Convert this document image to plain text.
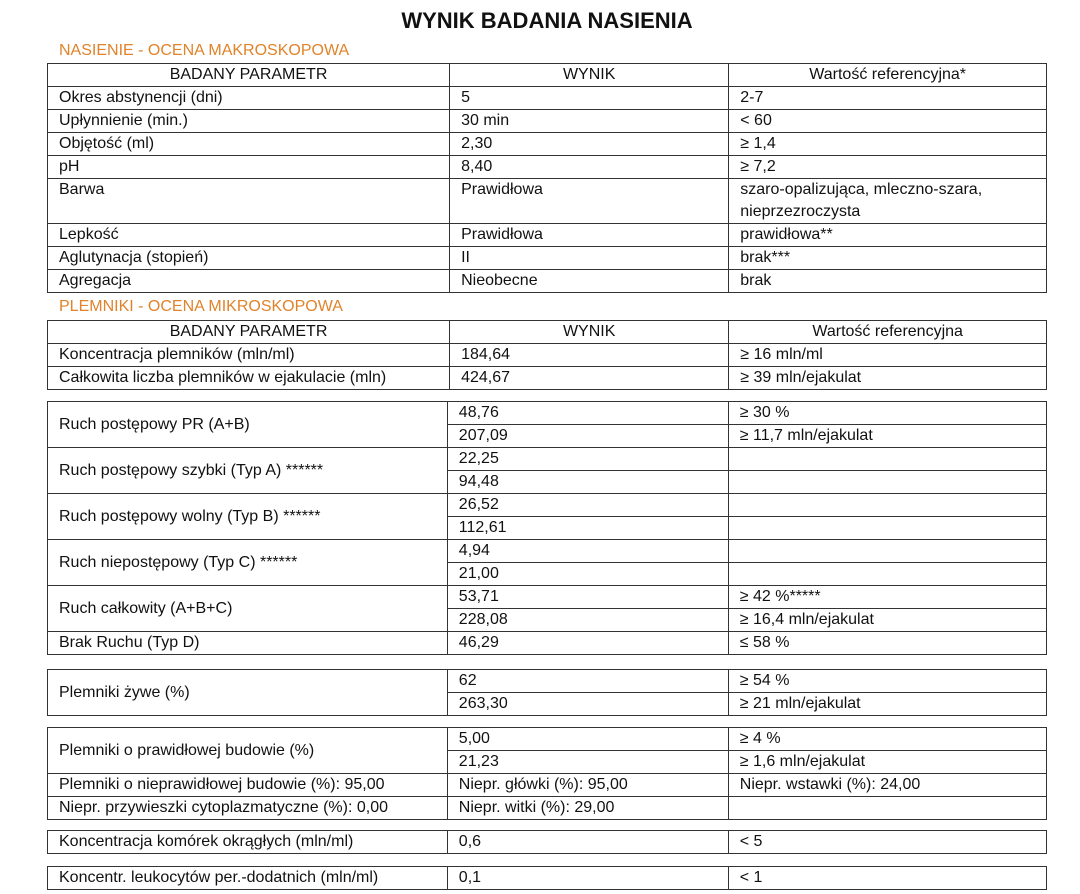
WYNIK BADANIA NASIENIA
NASIENIE - OCENA MAKROSKOPOWA
BADANY PARAMETR	WYNIK	Wartość referencyjna*
Okres abstynencji (dni)	5	2-7
Upłynnienie (min.)	30 min	< 60
Objętość (ml)	2,30	≥ 1,4
pH	8,40	≥ 7,2
Barwa	Prawidłowa	szaro-opalizująca, mleczno-szara, nieprzezroczysta
Lepkość	Prawidłowa	prawidłowa**
Aglutynacja (stopień)	II	brak***
Agregacja	Nieobecne	brak
PLEMNIKI - OCENA MIKROSKOPOWA
BADANY PARAMETR	WYNIK	Wartość referencyjna
Koncentracja plemników (mln/ml)	184,64	≥ 16 mln/ml
Całkowita liczba plemników w ejakulacie (mln)	424,67	≥ 39 mln/ejakulat
Ruch postępowy PR (A+B)	48,76	≥ 30 %
	207,09	≥ 11,7 mln/ejakulat
Ruch postępowy szybki (Typ A) ******	22,25	
	94,48	
Ruch postępowy wolny (Typ B) ******	26,52	
	112,61	
Ruch niepostępowy (Typ C) ******	4,94	
	21,00	
Ruch całkowity (A+B+C)	53,71	≥ 42 %*****
	228,08	≥ 16,4 mln/ejakulat
Brak Ruchu (Typ D)	46,29	≤ 58 %
Plemniki żywe (%)	62	≥ 54 %
	263,30	≥ 21 mln/ejakulat
Plemniki o prawidłowej budowie (%)	5,00	≥ 4 %
	21,23	≥ 1,6 mln/ejakulat
Plemniki o nieprawidłowej budowie (%): 95,00	Niepr. główki (%): 95,00	Niepr. wstawki (%): 24,00
Niepr. przywieszki cytoplazmatyczne (%): 0,00	Niepr. witki (%): 29,00	
Koncentracja komórek okrągłych (mln/ml)	0,6	< 5
Koncentr. leukocytów per.-dodatnich (mln/ml)	0,1	< 1
